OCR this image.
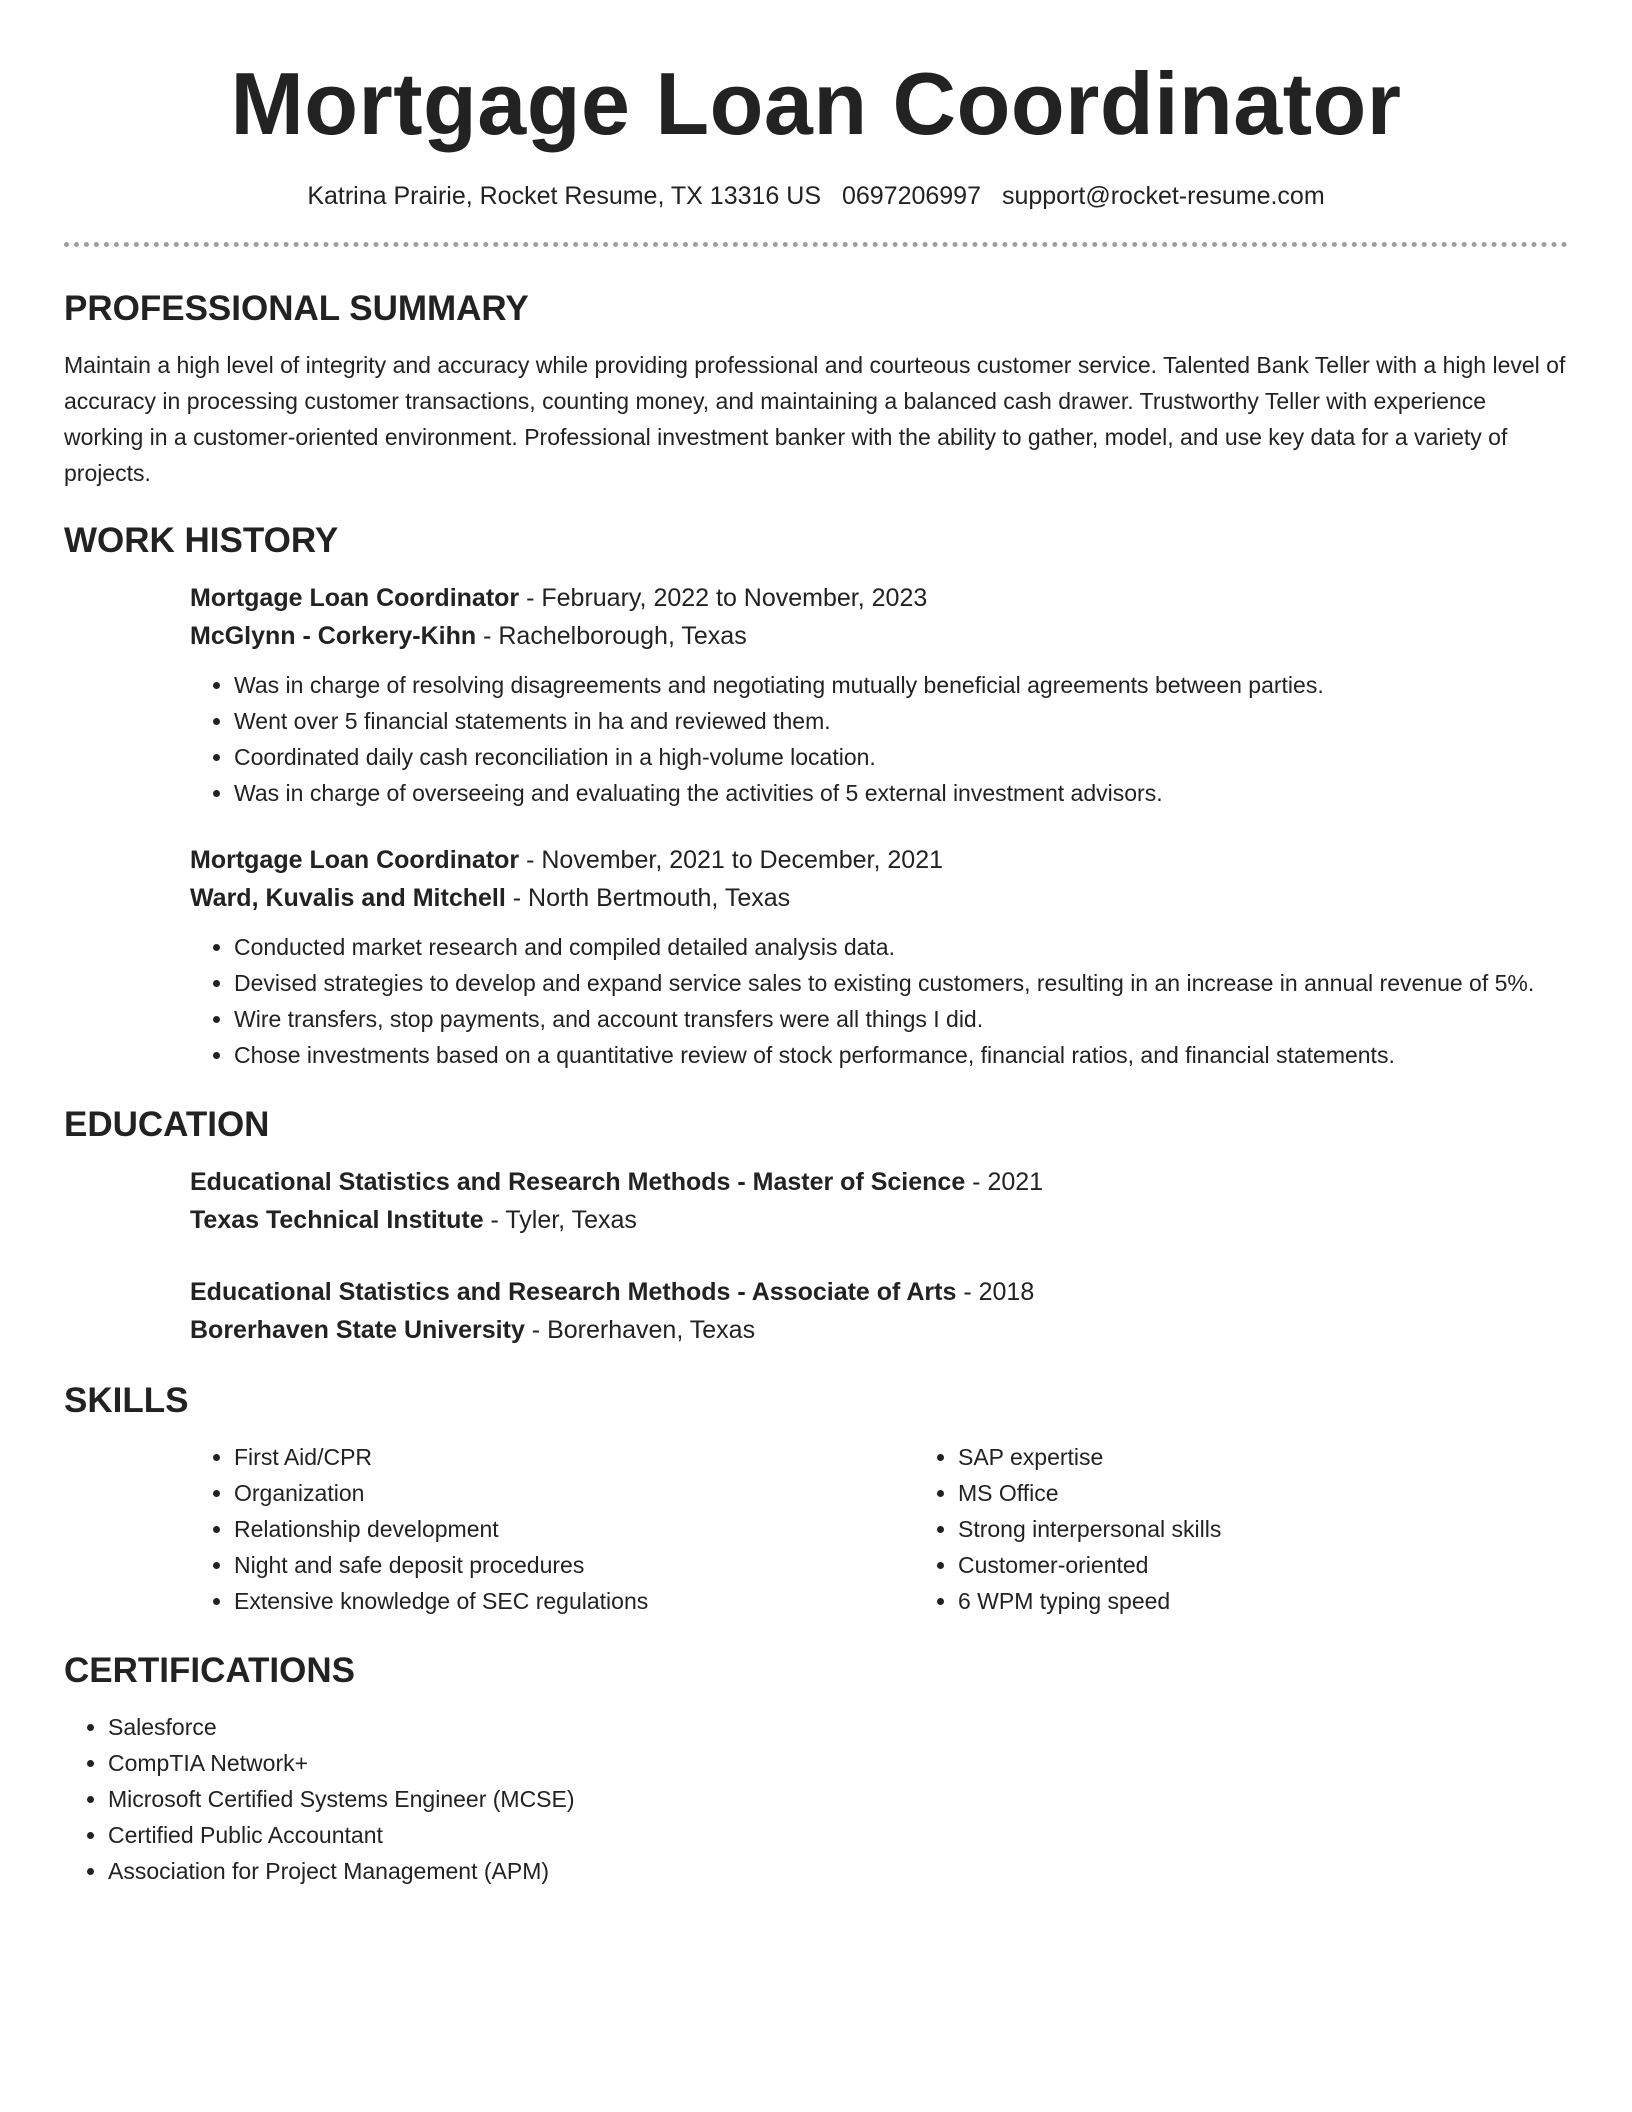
Mortgage Loan Coordinator
Katrina Prairie, Rocket Resume, TX 13316 US 0697206997 support@rocket-resume.com
PROFESSIONAL SUMMARY

Maintain a high level of integrity and accuracy while providing professional and courteous customer service. Talented Bank Teller with a high level of accuracy in processing customer transactions, counting money, and maintaining a balanced cash drawer. Trustworthy Teller with experience working in a customer-oriented environment. Professional investment banker with the ability to gather, model, and use key data for a variety of projects.

WORK HISTORY
Mortgage Loan Coordinator - February, 2022 to November, 2023
McGlynn - Corkery-Kihn - Rachelborough, Texas
• Was in charge of resolving disagreements and negotiating mutually beneficial agreements between parties.
• Went over 5 financial statements in ha and reviewed them.
• Coordinated daily cash reconciliation in a high-volume location.
• Was in charge of overseeing and evaluating the activities of 5 external investment advisors.
Mortgage Loan Coordinator - November, 2021 to December, 2021
Ward, Kuvalis and Mitchell - North Bertmouth, Texas
• Conducted market research and compiled detailed analysis data.
• Devised strategies to develop and expand service sales to existing customers, resulting in an increase in annual revenue of 5%.
• Wire transfers, stop payments, and account transfers were all things I did.
• Chose investments based on a quantitative review of stock performance, financial ratios, and financial statements.
EDUCATION
Educational Statistics and Research Methods - Master of Science - 2021
Texas Technical Institute - Tyler, Texas
Educational Statistics and Research Methods - Associate of Arts - 2018
Borerhaven State University - Borerhaven, Texas
SKILLS
• First Aid/CPR
• Organization
• Relationship development
• Night and safe deposit procedures
• Extensive knowledge of SEC regulations
• SAP expertise
• MS Office
• Strong interpersonal skills
• Customer-oriented
• 6 WPM typing speed
CERTIFICATIONS
• Salesforce
• CompTIA Network+
• Microsoft Certified Systems Engineer (MCSE)
• Certified Public Accountant
• Association for Project Management (APM)
